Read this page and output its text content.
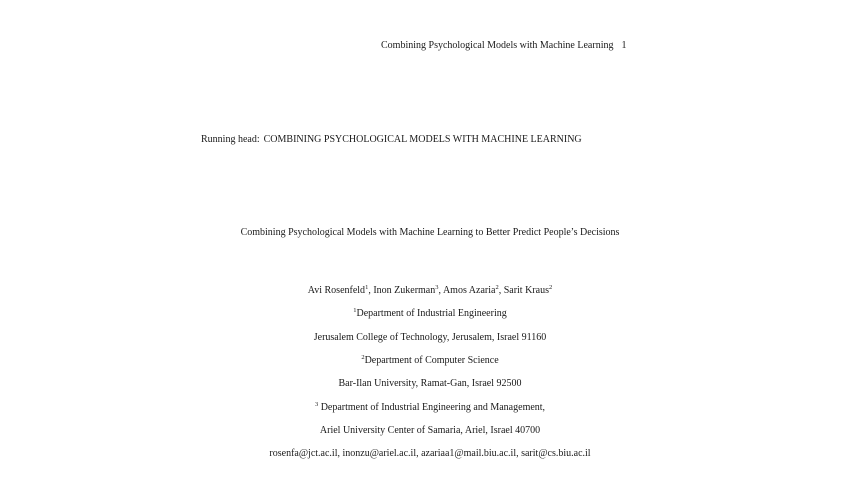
Combining Psychological Models with Machine Learning 1
Running head: COMBINING PSYCHOLOGICAL MODELS WITH MACHINE LEARNING
Combining Psychological Models with Machine Learning to Better Predict People’s Decisions
Avi Rosenfeld$^1$, Inon Zukerman$^3$, Amos Azaria$^2$, Sarit Kraus$^2$
$^1$Department of Industrial Engineering
Jerusalem College of Technology, Jerusalem, Israel 91160
$^2$Department of Computer Science
Bar-Ilan University, Ramat-Gan, Israel 92500
$^3$ Department of Industrial Engineering and Management,
Ariel University Center of Samaria, Ariel, Israel 40700
rosenfa@jct.ac.il, inonzu@ariel.ac.il, azariaa1@mail.biu.ac.il, sarit@cs.biu.ac.il
